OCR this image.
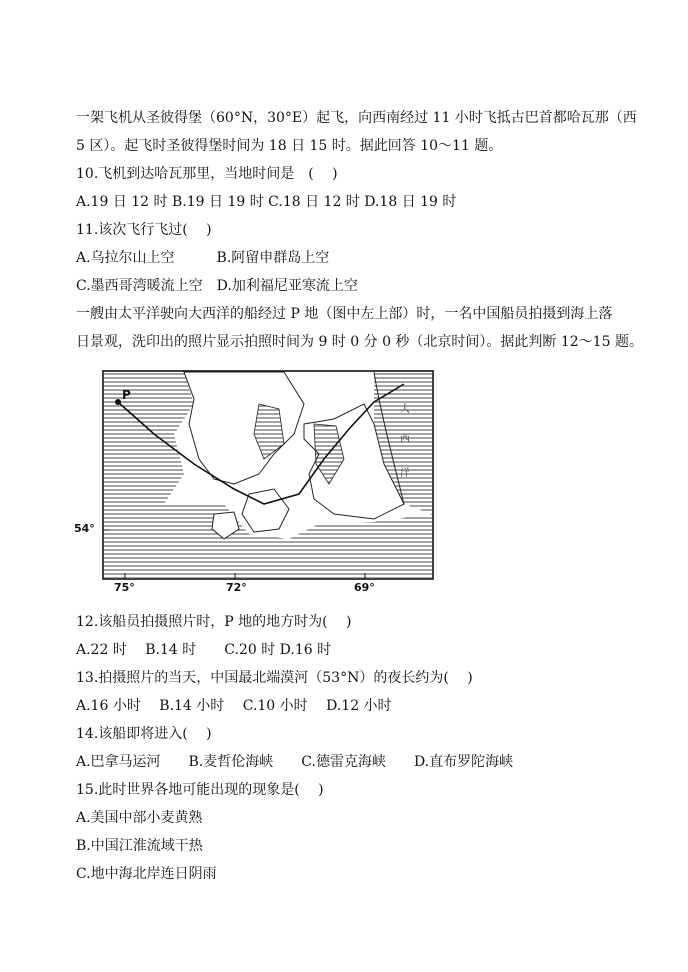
一架飞机从圣彼得堡（60°N，30°E）起飞，向西南经过 11 小时飞抵古巴首都哈瓦那（西
5 区）。起飞时圣彼得堡时间为 18 日 15 时。据此回答 10～11 题。
10.飞机到达哈瓦那里，当地时间是　(　 )
A.19 日 12 时 B.19 日 19 时 C.18 日 12 时 D.18 日 19 时
11.该次飞行飞过(　 )
A.乌拉尔山上空　　　B.阿留申群岛上空
C.墨西哥湾暖流上空　D.加利福尼亚寒流上空
一艘由太平洋驶向大西洋的船经过 P 地（图中左上部）时，一名中国船员拍摄到海上落
日景观，洗印出的照片显示拍照时间为 9 时 0 分 0 秒（北京时间）。据此判断 12～15 题。
P
54°
75°	72°	69°
大
西
洋
12.该船员拍摄照片时，P 地的地方时为(　 )
A.22 时　 B.14 时　　C.20 时 D.16 时
13.拍摄照片的当天，中国最北端漠河（53°N）的夜长约为(　 )
A.16 小时　 B.14 小时　 C.10 小时　 D.12 小时
14.该船即将进入(　 )
A.巴拿马运河　　B.麦哲伦海峡　　C.德雷克海峡　　D.直布罗陀海峡
15.此时世界各地可能出现的现象是(　 )
A.美国中部小麦黄熟
B.中国江淮流域干热
C.地中海北岸连日阴雨
